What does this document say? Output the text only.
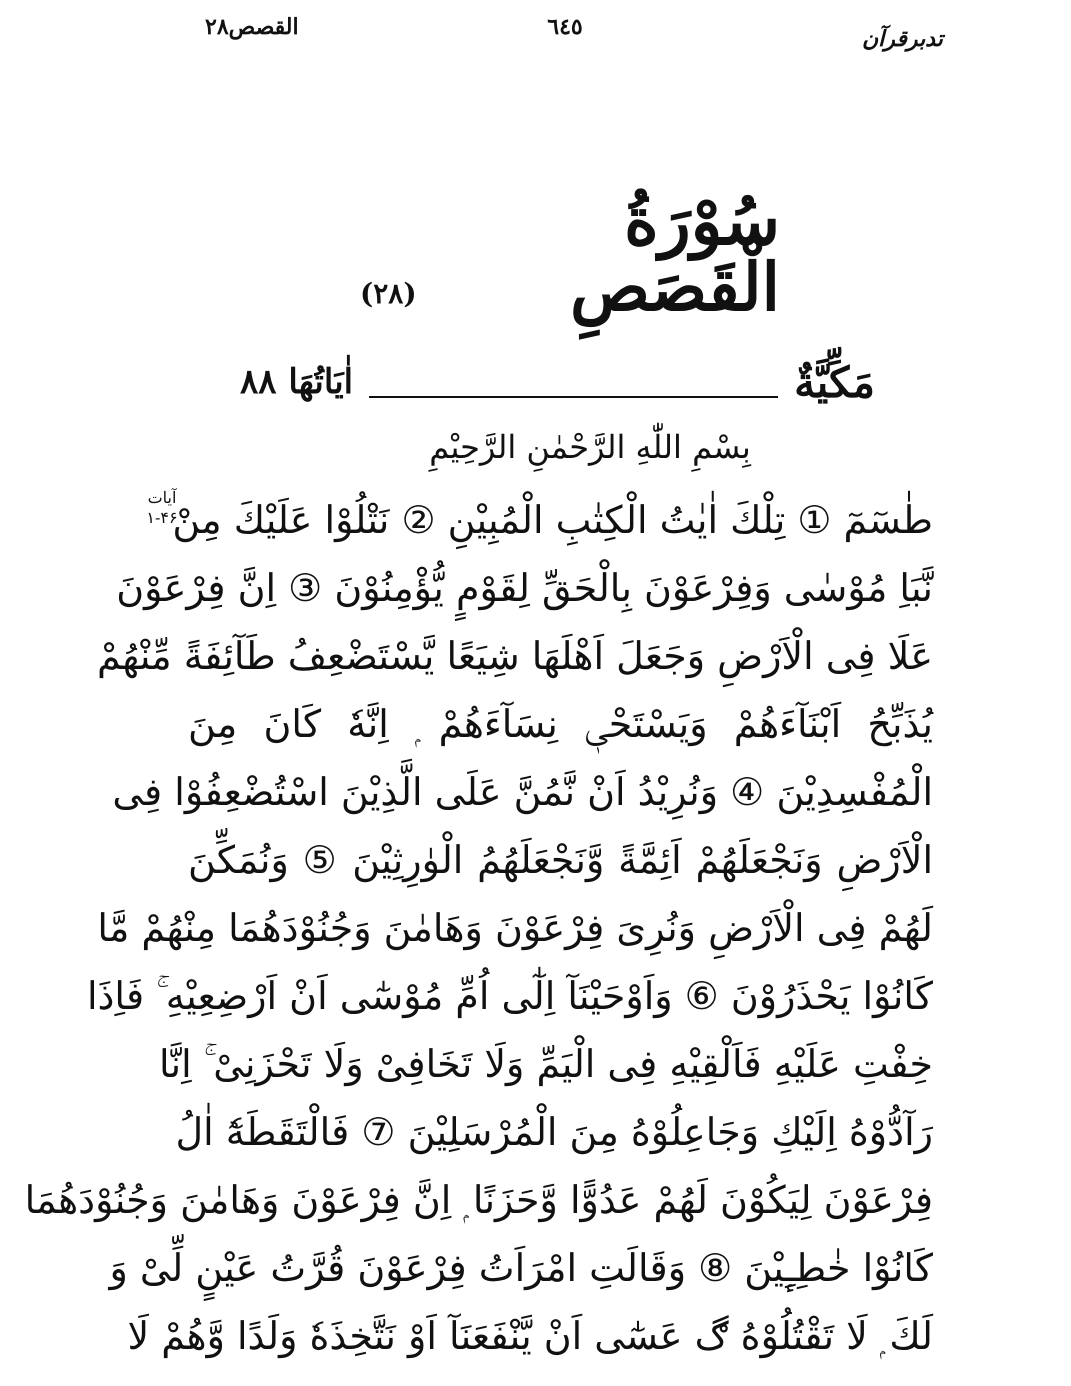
القصص۲۸	٦٤٥	تدبرقرآن
سُوْرَةُ الْقَصَصِ
(۲۸)
مَكِّيَّةٌ
اٰيَاتُهَا ۸۸
بِسْمِ اللّٰهِ الرَّحْمٰنِ الرَّحِيْمِ
آيات
۱-۴۶
طٰسٓمٓ ① تِلْكَ اٰيٰتُ الْكِتٰبِ الْمُبِيْنِ ② نَتْلُوْا عَلَيْكَ مِنْ
نَّبَاِ مُوْسٰى وَفِرْعَوْنَ بِالْحَقِّ لِقَوْمٍ يُّؤْمِنُوْنَ ③ اِنَّ فِرْعَوْنَ
عَلَا فِى الْاَرْضِ وَجَعَلَ اَهْلَهَا شِيَعًا يَّسْتَضْعِفُ طَآئِفَةً مِّنْهُمْ
يُذَبِّحُ اَبْنَآءَهُمْ وَيَسْتَحْىٖ نِسَآءَهُمْ ۭ اِنَّهٗ كَانَ مِنَ
الْمُفْسِدِيْنَ ④ وَنُرِيْدُ اَنْ نَّمُنَّ عَلَى الَّذِيْنَ اسْتُضْعِفُوْا فِى
الْاَرْضِ وَنَجْعَلَهُمْ اَئِمَّةً وَّنَجْعَلَهُمُ الْوٰرِثِيْنَ ⑤ وَنُمَكِّنَ
لَهُمْ فِى الْاَرْضِ وَنُرِىَ فِرْعَوْنَ وَهَامٰنَ وَجُنُوْدَهُمَا مِنْهُمْ مَّا
كَانُوْا يَحْذَرُوْنَ ⑥ وَاَوْحَيْنَآ اِلٰٓى اُمِّ مُوْسٰٓى اَنْ اَرْضِعِيْهِ ۚ فَاِذَا
خِفْتِ عَلَيْهِ فَاَلْقِيْهِ فِى الْيَمِّ وَلَا تَخَافِىْ وَلَا تَحْزَنِىْ ۚ اِنَّا
رَآدُّوْهُ اِلَيْكِ وَجَاعِلُوْهُ مِنَ الْمُرْسَلِيْنَ ⑦ فَالْتَقَطَهٗٓ اٰلُ
فِرْعَوْنَ لِيَكُوْنَ لَهُمْ عَدُوًّا وَّحَزَنًا ۭ اِنَّ فِرْعَوْنَ وَهَامٰنَ وَجُنُوْدَهُمَا
كَانُوْا خٰطِـِٕيْنَ ⑧ وَقَالَتِ امْرَاَتُ فِرْعَوْنَ قُرَّتُ عَيْنٍ لِّىْ وَ
لَكَ ۭ لَا تَقْتُلُوْهُ ڰ عَسٰٓى اَنْ يَّنْفَعَنَآ اَوْ نَتَّخِذَهٗ وَلَدًا وَّهُمْ لَا
